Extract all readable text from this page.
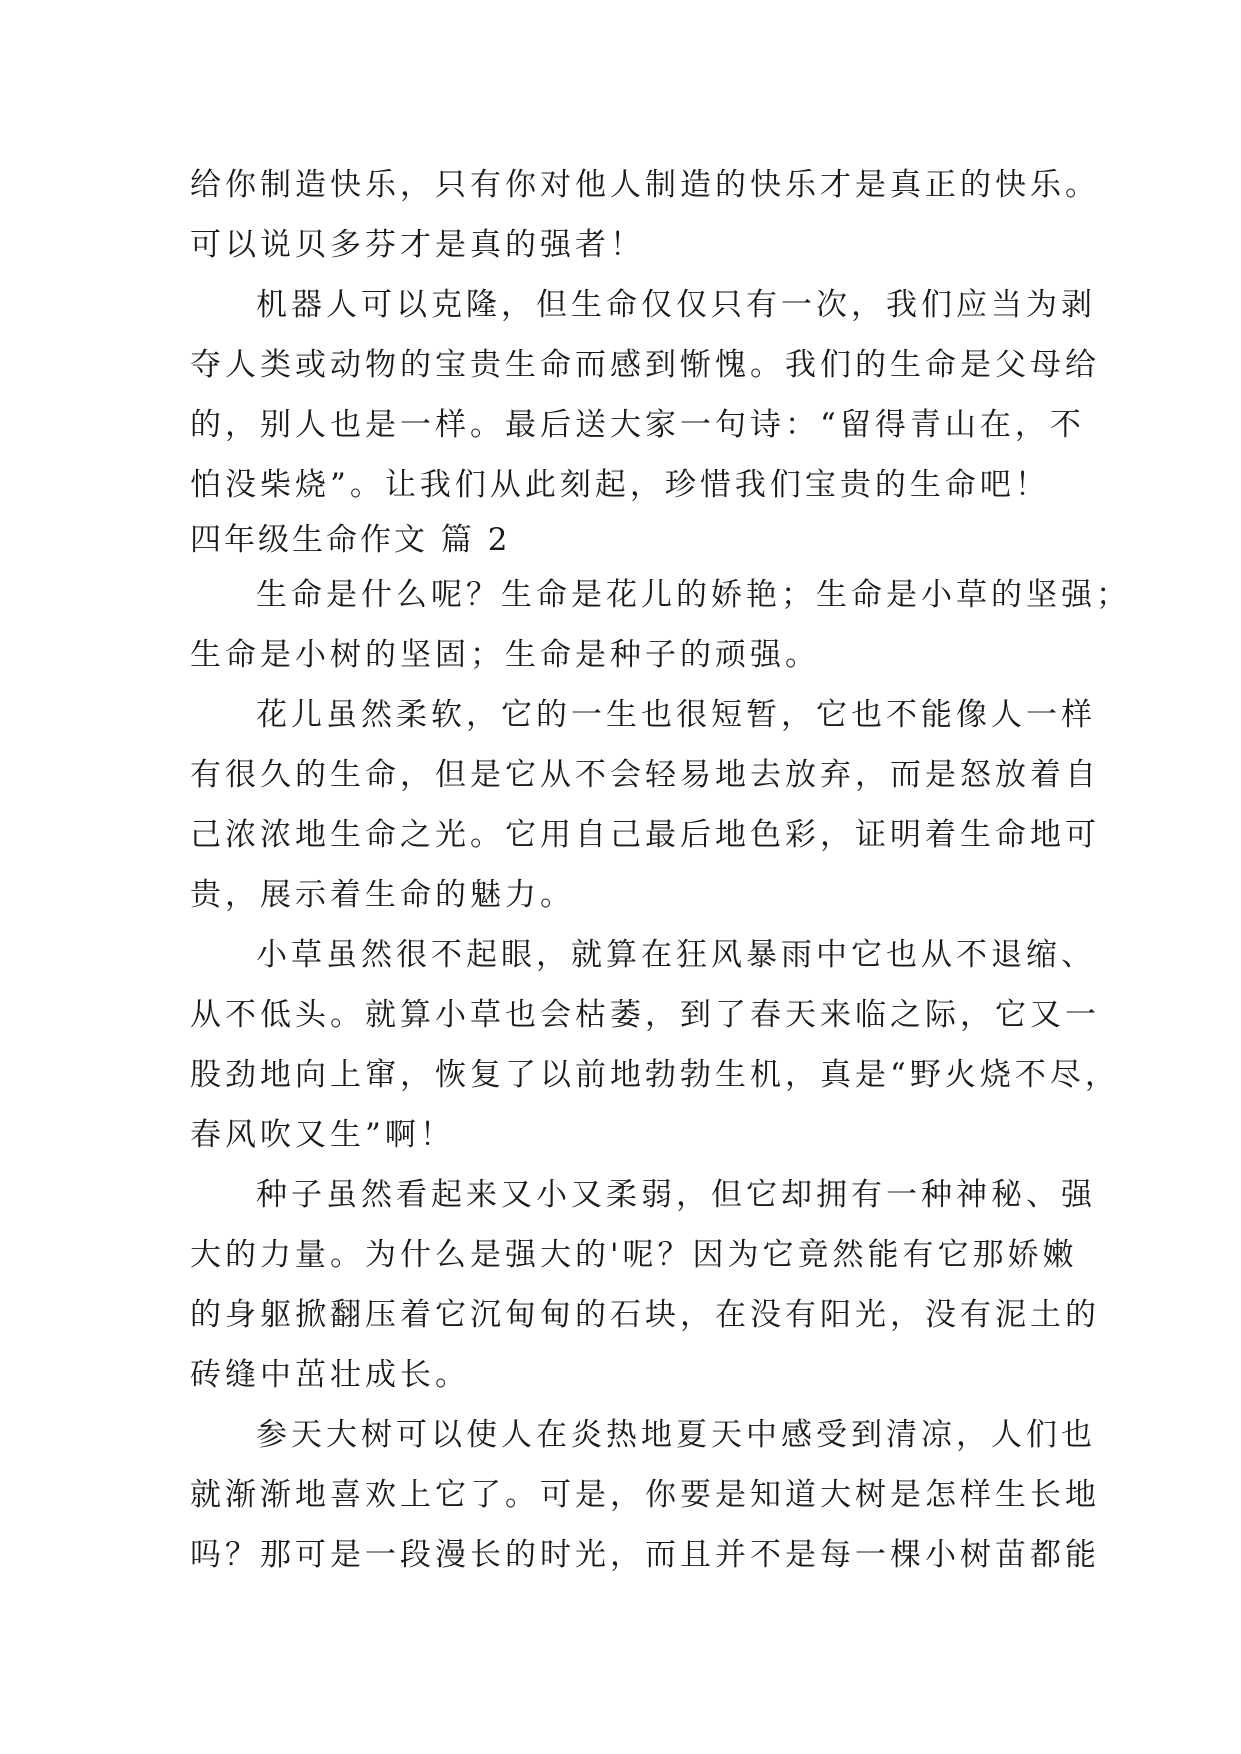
给你制造快乐，只有你对他人制造的快乐才是真正的快乐。
可以说贝多芬才是真的强者！
机器人可以克隆，但生命仅仅只有一次，我们应当为剥
夺人类或动物的宝贵生命而感到惭愧。我们的生命是父母给
的，别人也是一样。最后送大家一句诗：“留得青山在，不
怕没柴烧”。让我们从此刻起，珍惜我们宝贵的生命吧！
四年级生命作文 篇 2
生命是什么呢？生命是花儿的娇艳；生命是小草的坚强；
生命是小树的坚固；生命是种子的顽强。
花儿虽然柔软，它的一生也很短暂，它也不能像人一样
有很久的生命，但是它从不会轻易地去放弃，而是怒放着自
己浓浓地生命之光。它用自己最后地色彩，证明着生命地可
贵，展示着生命的魅力。
小草虽然很不起眼，就算在狂风暴雨中它也从不退缩、
从不低头。就算小草也会枯萎，到了春天来临之际，它又一
股劲地向上窜，恢复了以前地勃勃生机，真是“野火烧不尽，
春风吹又生”啊！
种子虽然看起来又小又柔弱，但它却拥有一种神秘、强
大的力量。为什么是强大的'呢？因为它竟然能有它那娇嫩
的身躯掀翻压着它沉甸甸的石块，在没有阳光，没有泥土的
砖缝中茁壮成长。
参天大树可以使人在炎热地夏天中感受到清凉，人们也
就渐渐地喜欢上它了。可是，你要是知道大树是怎样生长地
吗？那可是一段漫长的时光，而且并不是每一棵小树苗都能
